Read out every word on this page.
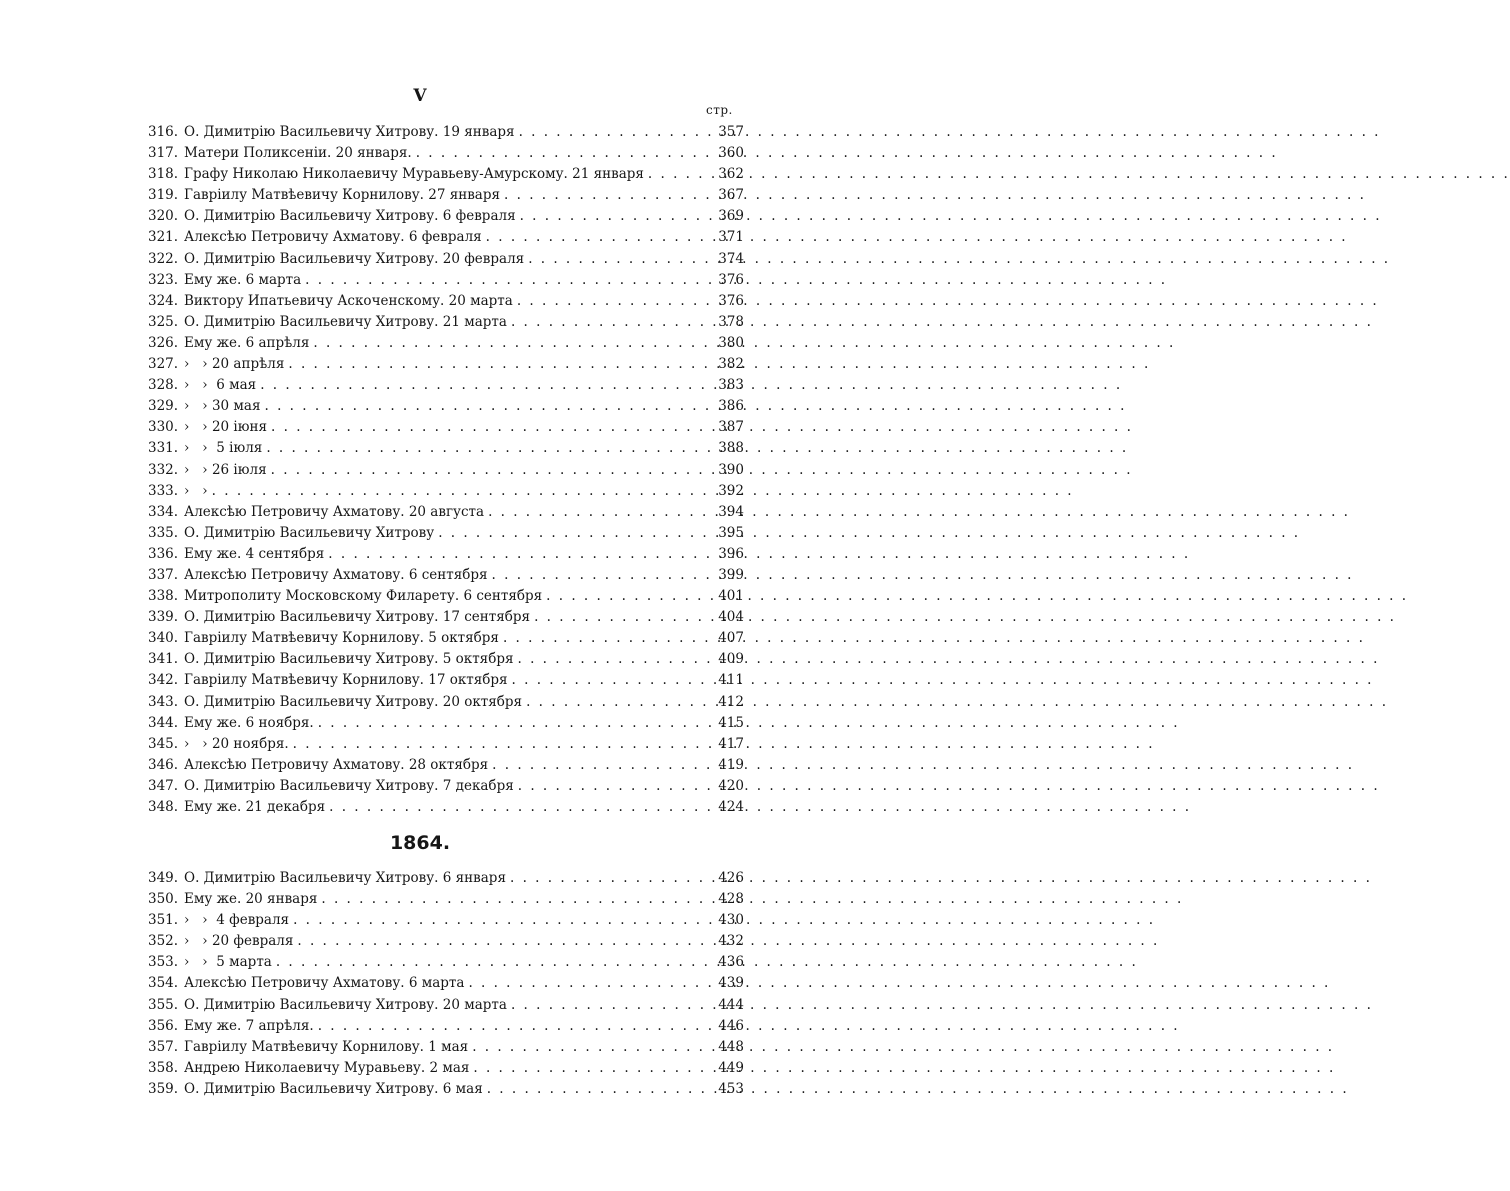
V
стр.
316. О. Димитрію Васильевичу Хитрову. 19 января . . .	357
317. Матери Поликсеніи. 20 января. . . .	360
318. Графу Николаю Николаевичу Муравьеву-Амурскому. 21 января . . .	362
319. Гавріилу Матвѣевичу Корнилову. 27 января . . .	367
320. О. Димитрію Васильевичу Хитрову. 6 февраля . . .	369
321. Алексѣю Петровичу Ахматову. 6 февраля . . .	371
322. О. Димитрію Васильевичу Хитрову. 20 февраля . . .	374
323. Ему же. 6 марта . . .	376
324. Виктору Ипатьевичу Аскоченскому. 20 марта . . .	376
325. О. Димитрію Васильевичу Хитрову. 21 марта . . .	378
326. Ему же. 6 апрѣля . . .	380
327. ›   › 20 апрѣля . . .	382
328. ›   ›  6 мая . . .	383
329. ›   › 30 мая . . .	386
330. ›   › 20 іюня . . .	387
331. ›   ›  5 іюля . . .	388
332. ›   › 26 іюля . . .	390
333. ›   › . . .	392
334. Алексѣю Петровичу Ахматову. 20 августа . . .	394
335. О. Димитрію Васильевичу Хитрову . . .	395
336. Ему же. 4 сентября . . .	396
337. Алексѣю Петровичу Ахматову. 6 сентября . . .	399
338. Митрополиту Московскому Филарету. 6 сентября . . .	401
339. О. Димитрію Васильевичу Хитрову. 17 сентября . . .	404
340. Гавріилу Матвѣевичу Корнилову. 5 октября . . .	407
341. О. Димитрію Васильевичу Хитрову. 5 октября . . .	409
342. Гавріилу Матвѣевичу Корнилову. 17 октября . . .	411
343. О. Димитрію Васильевичу Хитрову. 20 октября . . .	412
344. Ему же. 6 ноября. . . .	415
345. ›   › 20 ноября. . . .	417
346. Алексѣю Петровичу Ахматову. 28 октября . . .	419
347. О. Димитрію Васильевичу Хитрову. 7 декабря . . .	420
348. Ему же. 21 декабря . . .	424
1864.
349. О. Димитрію Васильевичу Хитрову. 6 января . . .	426
350. Ему же. 20 января . . .	428
351. ›   ›  4 февраля . . .	430
352. ›   › 20 февраля . . .	432
353. ›   ›  5 марта . . .	436
354. Алексѣю Петровичу Ахматову. 6 марта . . .	439
355. О. Димитрію Васильевичу Хитрову. 20 марта . . .	444
356. Ему же. 7 апрѣля. . . .	446
357. Гавріилу Матвѣевичу Корнилову. 1 мая . . .	448
358. Андрею Николаевичу Муравьеву. 2 мая . . .	449
359. О. Димитрію Васильевичу Хитрову. 6 мая . . .	453
